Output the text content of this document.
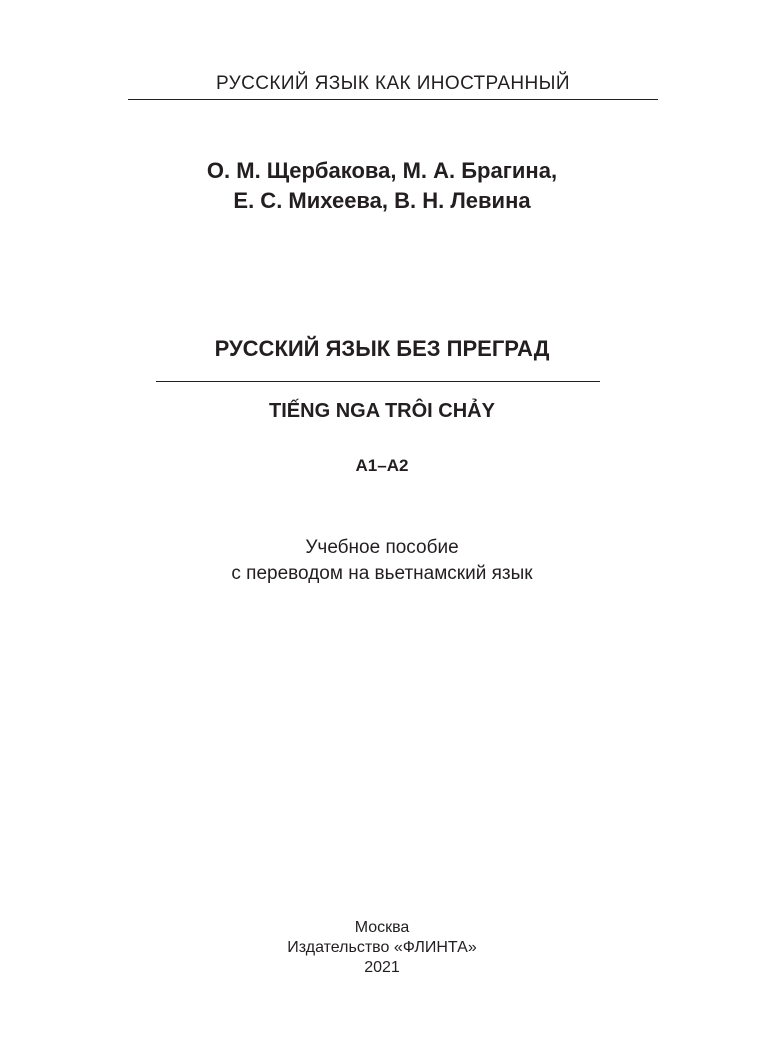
РУССКИЙ ЯЗЫК КАК ИНОСТРАННЫЙ
О. М. Щербакова, М. А. Брагина,
Е. С. Михеева, В. Н. Левина
РУССКИЙ ЯЗЫК БЕЗ ПРЕГРАД
TIẾNG NGA TRÔI CHẢY
А1–А2
Учебное пособие
с переводом на вьетнамский язык
Москва
Издательство «ФЛИНТА»
2021
